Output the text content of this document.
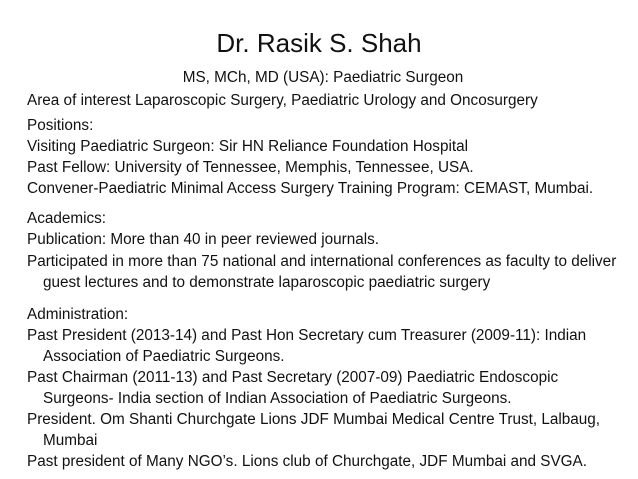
Dr. Rasik S. Shah
MS, MCh, MD (USA): Paediatric Surgeon
Area of interest Laparoscopic Surgery, Paediatric Urology and Oncosurgery
Positions:
Visiting Paediatric Surgeon: Sir HN Reliance Foundation Hospital
Past Fellow: University of Tennessee, Memphis, Tennessee, USA.
Convener-Paediatric Minimal Access Surgery Training Program: CEMAST, Mumbai.
Academics:
Publication: More than 40 in peer reviewed journals.
Participated in more than 75 national and international conferences as faculty to deliver
guest lectures and to demonstrate laparoscopic paediatric surgery
Administration:
Past President (2013-14) and Past Hon Secretary cum Treasurer (2009-11): Indian
Association of Paediatric Surgeons.
Past Chairman (2011-13) and Past Secretary (2007-09) Paediatric Endoscopic
Surgeons- India section of Indian Association of Paediatric Surgeons.
President. Om Shanti Churchgate Lions JDF Mumbai Medical Centre Trust, Lalbaug,
Mumbai
Past president of Many NGO’s. Lions club of Churchgate, JDF Mumbai and SVGA.
